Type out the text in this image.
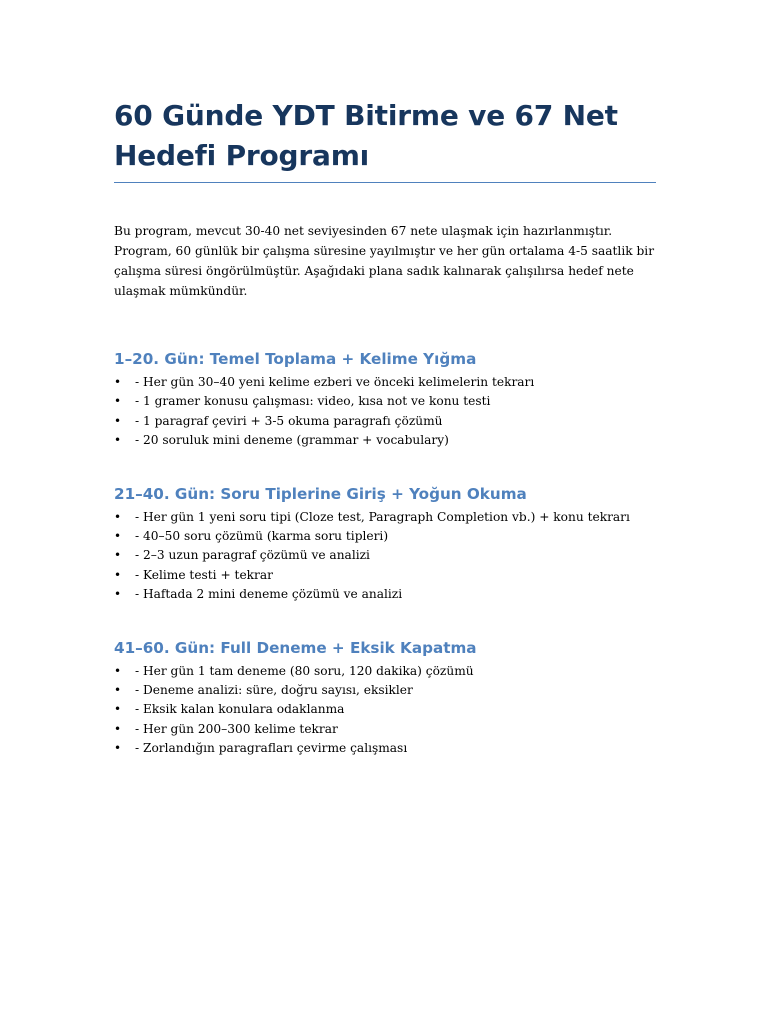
60 Günde YDT Bitirme ve 67 Net Hedefi Programı

Bu program, mevcut 30-40 net seviyesinden 67 nete ulaşmak için hazırlanmıştır. Program, 60 günlük bir çalışma süresine yayılmıştır ve her gün ortalama 4-5 saatlik bir çalışma süresi öngörülmüştür. Aşağıdaki plana sadık kalınarak çalışılırsa hedef nete ulaşmak mümkündür.

1–20. Gün: Temel Toplama + Kelime Yığma
• - Her gün 30–40 yeni kelime ezberi ve önceki kelimelerin tekrarı
• - 1 gramer konusu çalışması: video, kısa not ve konu testi
• - 1 paragraf çeviri + 3-5 okuma paragrafı çözümü
• - 20 soruluk mini deneme (grammar + vocabulary)
21–40. Gün: Soru Tiplerine Giriş + Yoğun Okuma
• - Her gün 1 yeni soru tipi (Cloze test, Paragraph Completion vb.) + konu tekrarı
• - 40–50 soru çözümü (karma soru tipleri)
• - 2–3 uzun paragraf çözümü ve analizi
• - Kelime testi + tekrar
• - Haftada 2 mini deneme çözümü ve analizi
41–60. Gün: Full Deneme + Eksik Kapatma
• - Her gün 1 tam deneme (80 soru, 120 dakika) çözümü
• - Deneme analizi: süre, doğru sayısı, eksikler
• - Eksik kalan konulara odaklanma
• - Her gün 200–300 kelime tekrar
• - Zorlandığın paragrafları çevirme çalışması
